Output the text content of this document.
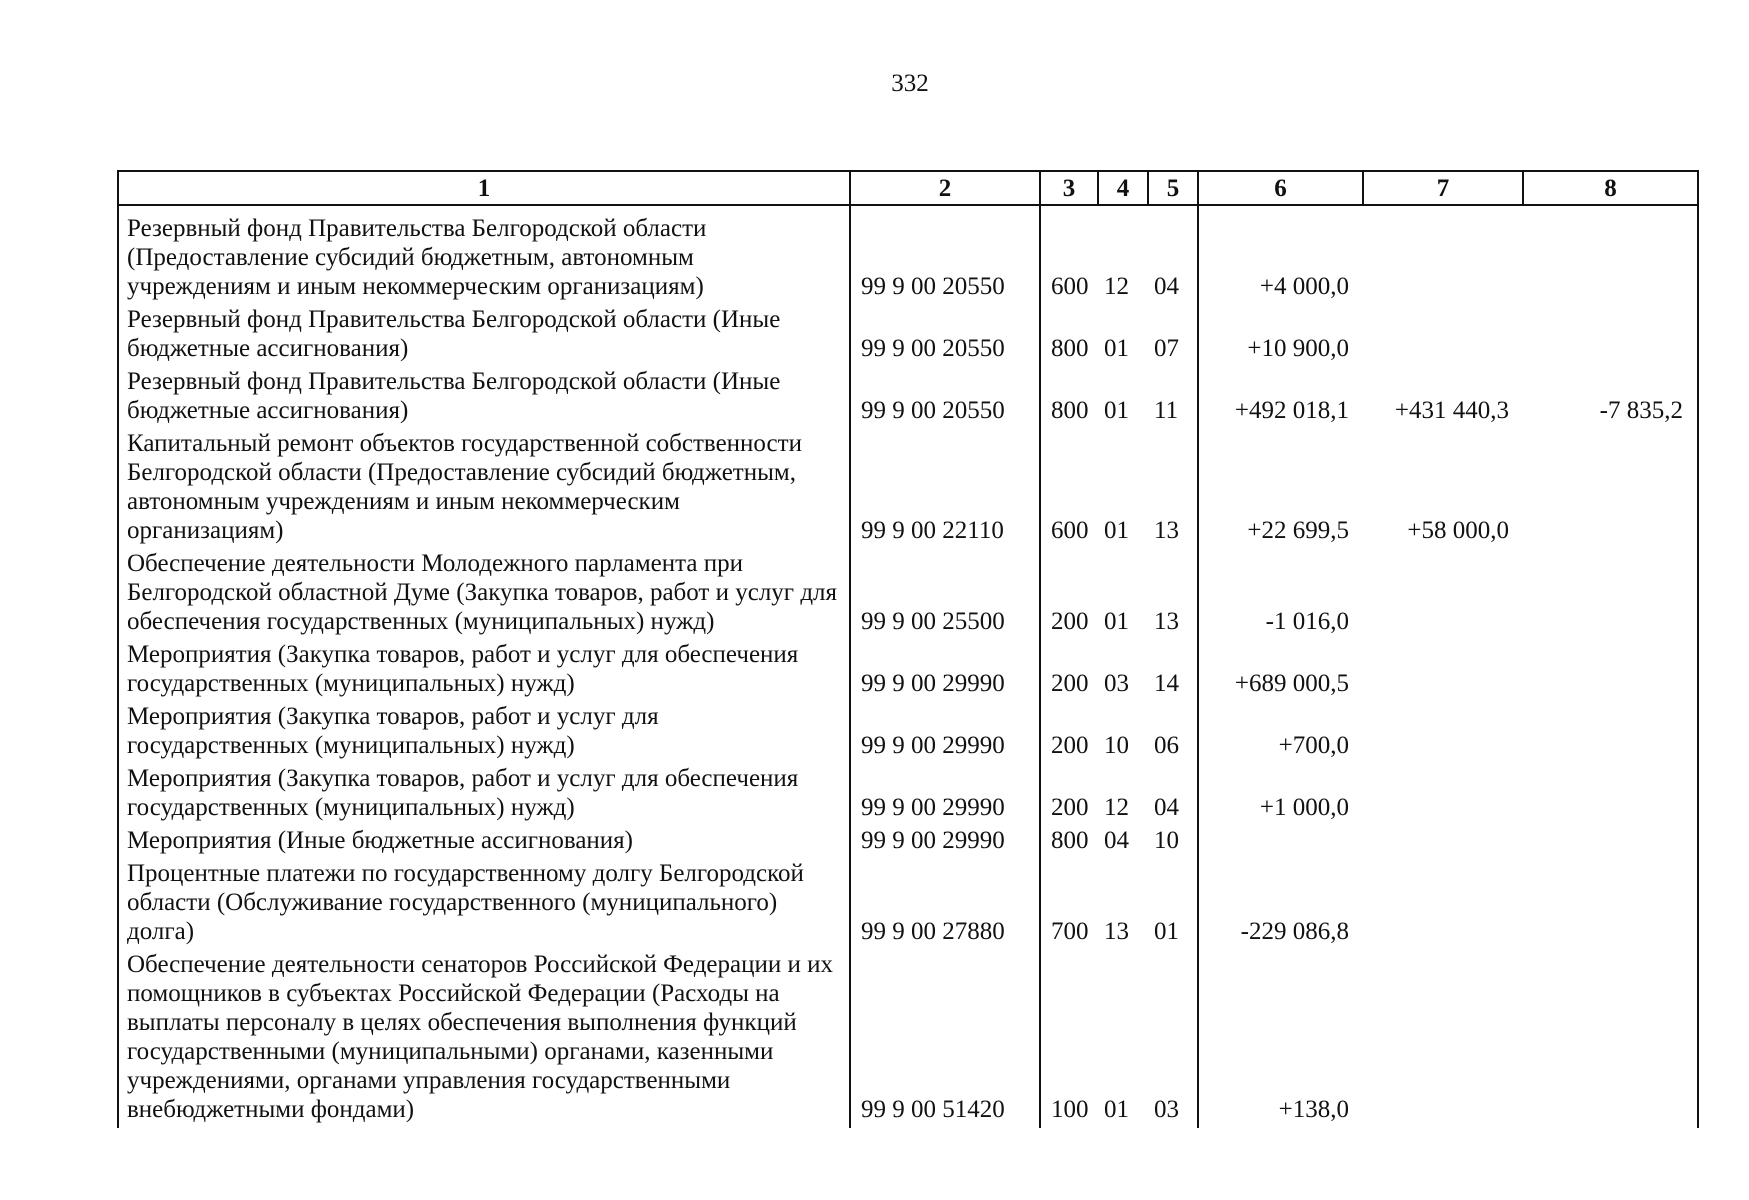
332
1	2	3	4	5	6	7	8
Резервный фонд Правительства Белгородской области (Предоставление субсидий бюджетным, автономным учреждениям и иным некоммерческим организациям)	99 9 00 20550	600	12	04	+4 000,0		
Резервный фонд Правительства Белгородской области (Иные бюджетные ассигнования)	99 9 00 20550	800	01	07	+10 900,0		
Резервный фонд Правительства Белгородской области (Иные бюджетные ассигнования)	99 9 00 20550	800	01	11	+492 018,1	+431 440,3	-7 835,2
Капитальный ремонт объектов государственной собственности Белгородской области (Предоставление субсидий бюджетным, автономным учреждениям и иным некоммерческим организациям)	99 9 00 22110	600	01	13	+22 699,5	+58 000,0	
Обеспечение деятельности Молодежного парламента при Белгородской областной Думе (Закупка товаров, работ и услуг для обеспечения государственных (муниципальных) нужд)	99 9 00 25500	200	01	13	-1 016,0		
Мероприятия (Закупка товаров, работ и услуг для обеспечения государственных (муниципальных) нужд)	99 9 00 29990	200	03	14	+689 000,5		
Мероприятия (Закупка товаров, работ и услуг для государственных (муниципальных) нужд)	99 9 00 29990	200	10	06	+700,0		
Мероприятия (Закупка товаров, работ и услуг для обеспечения государственных (муниципальных) нужд)	99 9 00 29990	200	12	04	+1 000,0		
Мероприятия (Иные бюджетные ассигнования)	99 9 00 29990	800	04	10			
Процентные платежи по государственному долгу Белгородской области (Обслуживание государственного (муниципального) долга)	99 9 00 27880	700	13	01	-229 086,8		
Обеспечение деятельности сенаторов Российской Федерации и их помощников в субъектах Российской Федерации (Расходы на выплаты персоналу в целях обеспечения выполнения функций государственными (муниципальными) органами, казенными учреждениями, органами управления государственными внебюджетными фондами)	99 9 00 51420	100	01	03	+138,0		
